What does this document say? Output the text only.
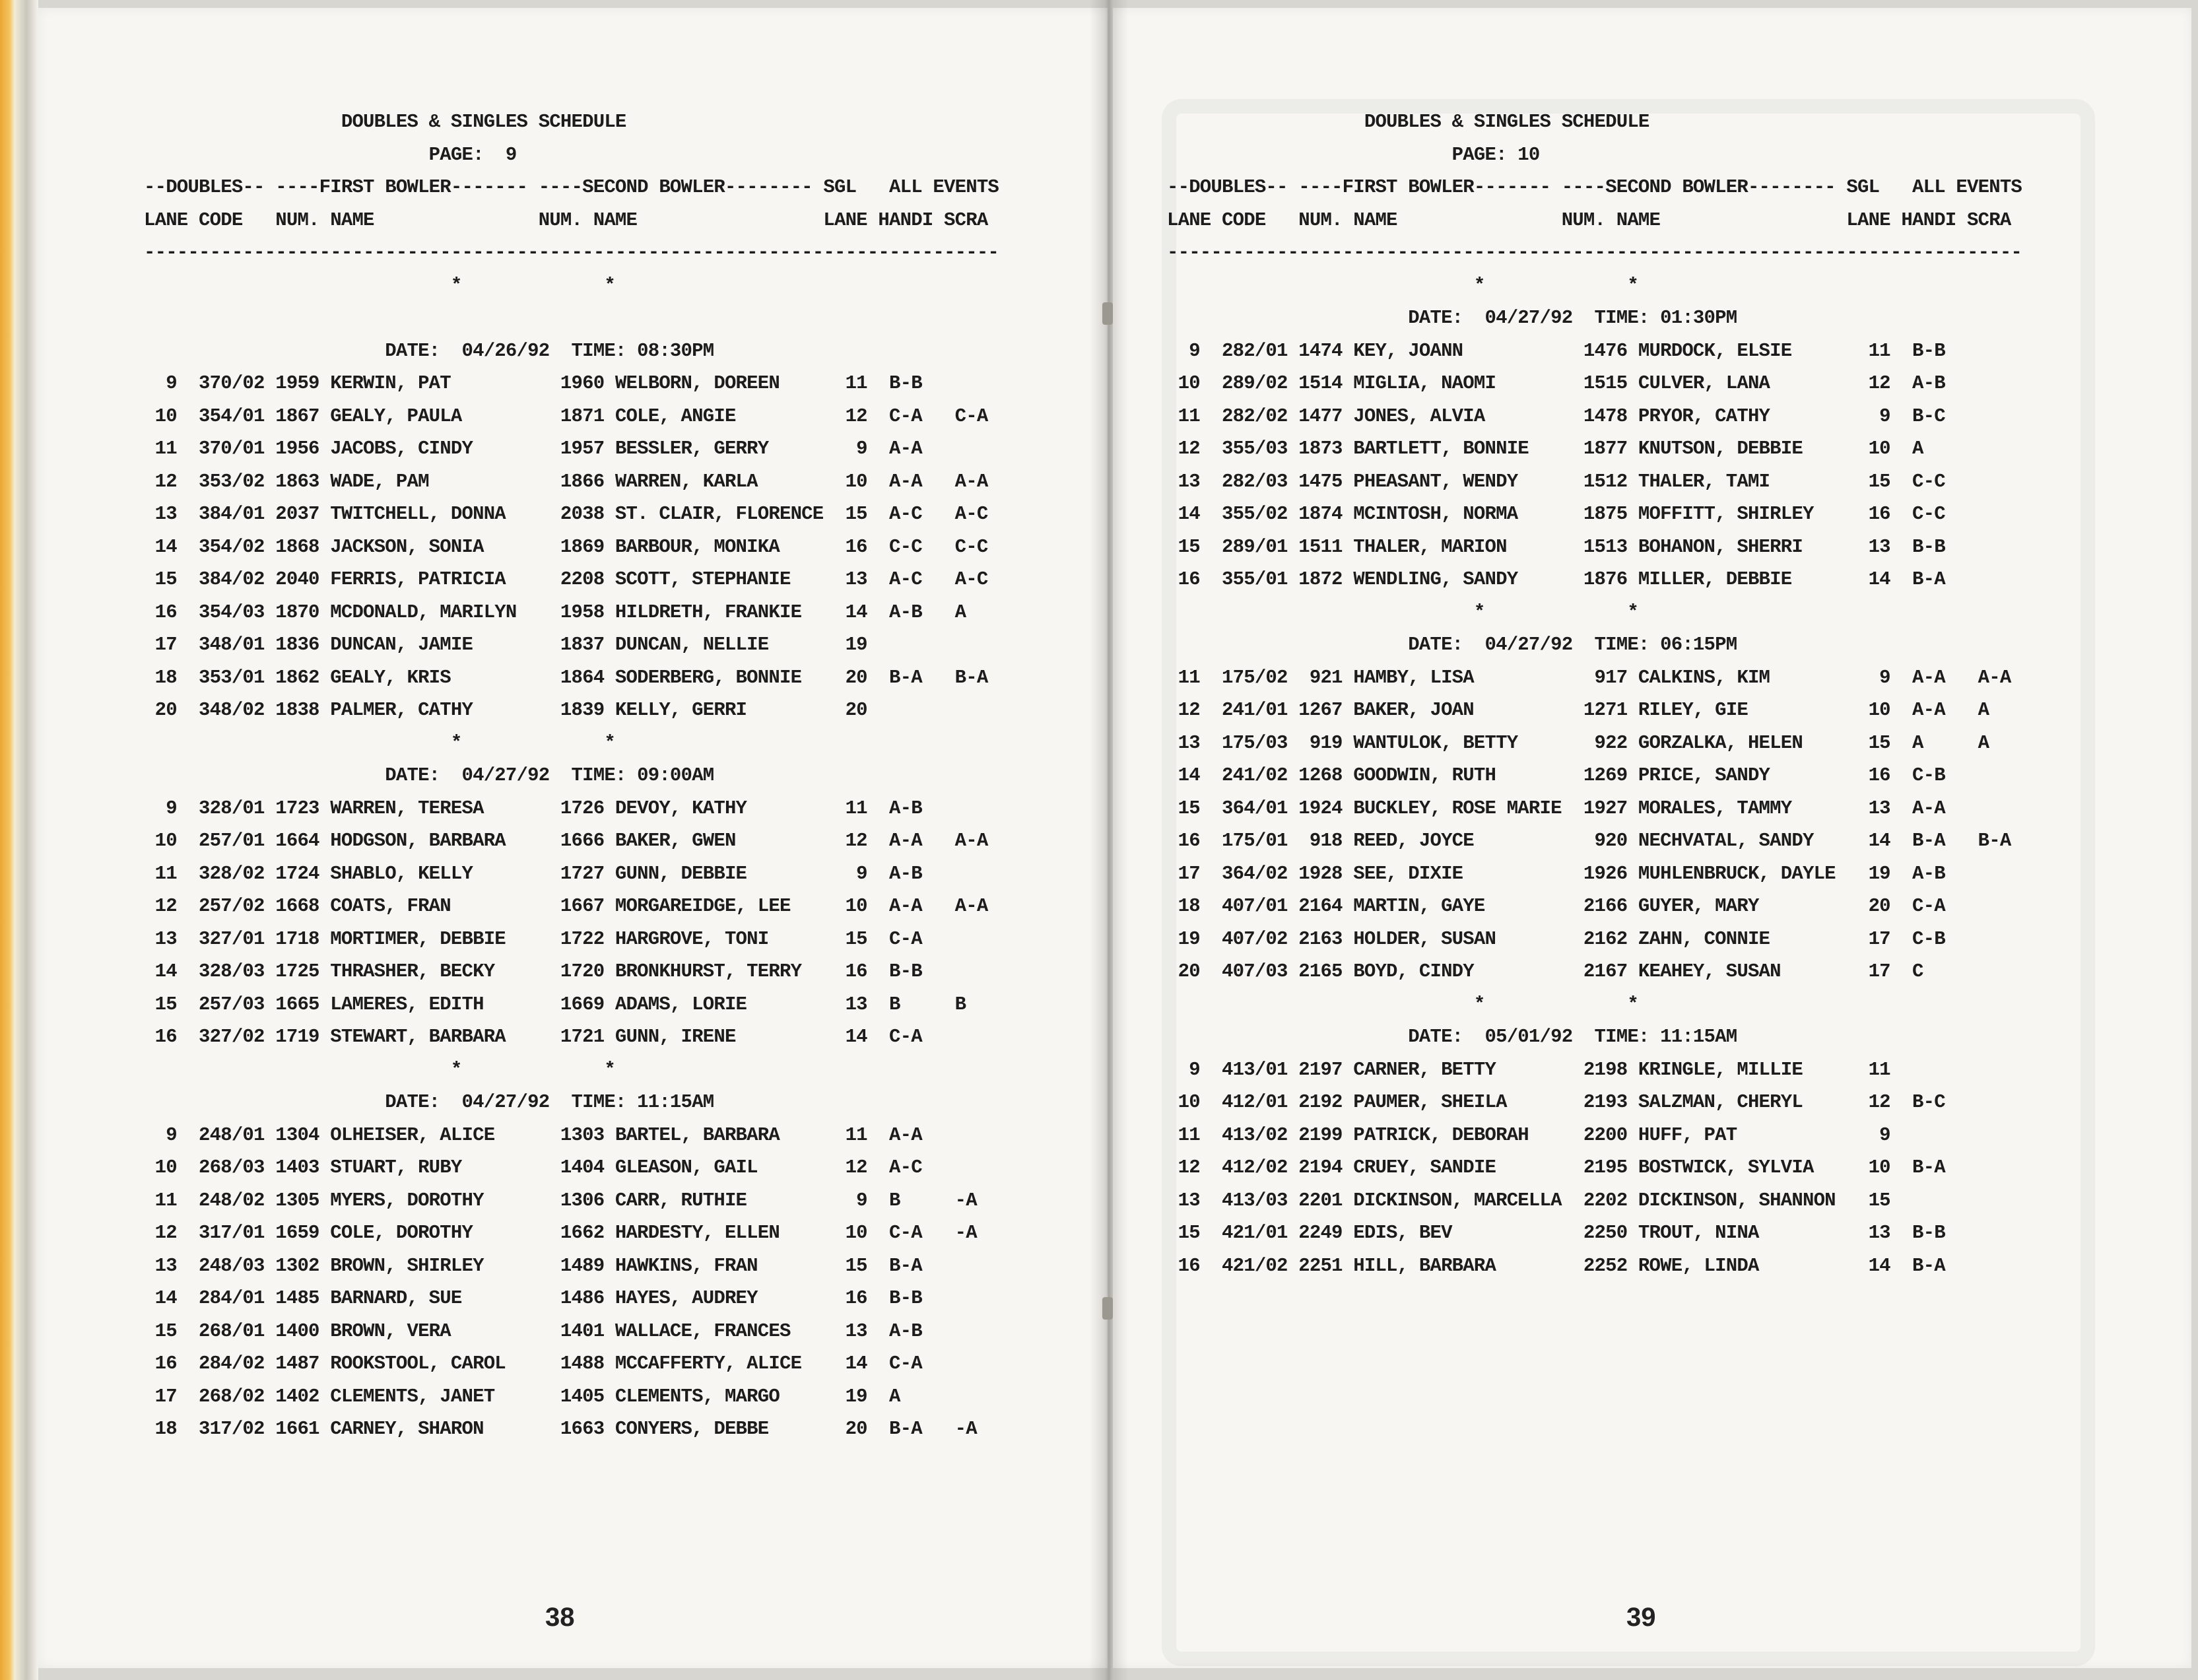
DOUBLES & SINGLES SCHEDULE
PAGE:  9
--DOUBLES-- ----FIRST BOWLER------- ----SECOND BOWLER-------- SGL   ALL EVENTS
LANE CODE   NUM. NAME               NUM. NAME                 LANE HANDI SCRA
------------------------------------------------------------------------------
*             *

DATE:  04/26/92  TIME: 08:30PM
9  370/02 1959 KERWIN, PAT          1960 WELBORN, DOREEN      11  B-B
10  354/01 1867 GEALY, PAULA         1871 COLE, ANGIE          12  C-A   C-A
11  370/01 1956 JACOBS, CINDY        1957 BESSLER, GERRY        9  A-A
12  353/02 1863 WADE, PAM            1866 WARREN, KARLA        10  A-A   A-A
13  384/01 2037 TWITCHELL, DONNA     2038 ST. CLAIR, FLORENCE  15  A-C   A-C
14  354/02 1868 JACKSON, SONIA       1869 BARBOUR, MONIKA      16  C-C   C-C
15  384/02 2040 FERRIS, PATRICIA     2208 SCOTT, STEPHANIE     13  A-C   A-C
16  354/03 1870 MCDONALD, MARILYN    1958 HILDRETH, FRANKIE    14  A-B   A
17  348/01 1836 DUNCAN, JAMIE        1837 DUNCAN, NELLIE       19
18  353/01 1862 GEALY, KRIS          1864 SODERBERG, BONNIE    20  B-A   B-A
20  348/02 1838 PALMER, CATHY        1839 KELLY, GERRI         20
*             *
DATE:  04/27/92  TIME: 09:00AM
9  328/01 1723 WARREN, TERESA       1726 DEVOY, KATHY         11  A-B
10  257/01 1664 HODGSON, BARBARA     1666 BAKER, GWEN          12  A-A   A-A
11  328/02 1724 SHABLO, KELLY        1727 GUNN, DEBBIE          9  A-B
12  257/02 1668 COATS, FRAN          1667 MORGAREIDGE, LEE     10  A-A   A-A
13  327/01 1718 MORTIMER, DEBBIE     1722 HARGROVE, TONI       15  C-A
14  328/03 1725 THRASHER, BECKY      1720 BRONKHURST, TERRY    16  B-B
15  257/03 1665 LAMERES, EDITH       1669 ADAMS, LORIE         13  B     B
16  327/02 1719 STEWART, BARBARA     1721 GUNN, IRENE          14  C-A
*             *
DATE:  04/27/92  TIME: 11:15AM
9  248/01 1304 OLHEISER, ALICE      1303 BARTEL, BARBARA      11  A-A
10  268/03 1403 STUART, RUBY         1404 GLEASON, GAIL        12  A-C
11  248/02 1305 MYERS, DOROTHY       1306 CARR, RUTHIE          9  B     -A
12  317/01 1659 COLE, DOROTHY        1662 HARDESTY, ELLEN      10  C-A   -A
13  248/03 1302 BROWN, SHIRLEY       1489 HAWKINS, FRAN        15  B-A
14  284/01 1485 BARNARD, SUE         1486 HAYES, AUDREY        16  B-B
15  268/01 1400 BROWN, VERA          1401 WALLACE, FRANCES     13  A-B
16  284/02 1487 ROOKSTOOL, CAROL     1488 MCCAFFERTY, ALICE    14  C-A
17  268/02 1402 CLEMENTS, JANET      1405 CLEMENTS, MARGO      19  A
18  317/02 1661 CARNEY, SHARON       1663 CONYERS, DEBBE       20  B-A   -A
DOUBLES & SINGLES SCHEDULE
PAGE: 10
--DOUBLES-- ----FIRST BOWLER------- ----SECOND BOWLER-------- SGL   ALL EVENTS
LANE CODE   NUM. NAME               NUM. NAME                 LANE HANDI SCRA
------------------------------------------------------------------------------
*             *
DATE:  04/27/92  TIME: 01:30PM
9  282/01 1474 KEY, JOANN           1476 MURDOCK, ELSIE       11  B-B
10  289/02 1514 MIGLIA, NAOMI        1515 CULVER, LANA         12  A-B
11  282/02 1477 JONES, ALVIA         1478 PRYOR, CATHY          9  B-C
12  355/03 1873 BARTLETT, BONNIE     1877 KNUTSON, DEBBIE      10  A
13  282/03 1475 PHEASANT, WENDY      1512 THALER, TAMI         15  C-C
14  355/02 1874 MCINTOSH, NORMA      1875 MOFFITT, SHIRLEY     16  C-C
15  289/01 1511 THALER, MARION       1513 BOHANON, SHERRI      13  B-B
16  355/01 1872 WENDLING, SANDY      1876 MILLER, DEBBIE       14  B-A
*             *
DATE:  04/27/92  TIME: 06:15PM
11  175/02  921 HAMBY, LISA           917 CALKINS, KIM          9  A-A   A-A
12  241/01 1267 BAKER, JOAN          1271 RILEY, GIE           10  A-A   A
13  175/03  919 WANTULOK, BETTY       922 GORZALKA, HELEN      15  A     A
14  241/02 1268 GOODWIN, RUTH        1269 PRICE, SANDY         16  C-B
15  364/01 1924 BUCKLEY, ROSE MARIE  1927 MORALES, TAMMY       13  A-A
16  175/01  918 REED, JOYCE           920 NECHVATAL, SANDY     14  B-A   B-A
17  364/02 1928 SEE, DIXIE           1926 MUHLENBRUCK, DAYLE   19  A-B
18  407/01 2164 MARTIN, GAYE         2166 GUYER, MARY          20  C-A
19  407/02 2163 HOLDER, SUSAN        2162 ZAHN, CONNIE         17  C-B
20  407/03 2165 BOYD, CINDY          2167 KEAHEY, SUSAN        17  C
*             *
DATE:  05/01/92  TIME: 11:15AM
9  413/01 2197 CARNER, BETTY        2198 KRINGLE, MILLIE      11
10  412/01 2192 PAUMER, SHEILA       2193 SALZMAN, CHERYL      12  B-C
11  413/02 2199 PATRICK, DEBORAH     2200 HUFF, PAT             9
12  412/02 2194 CRUEY, SANDIE        2195 BOSTWICK, SYLVIA     10  B-A
13  413/03 2201 DICKINSON, MARCELLA  2202 DICKINSON, SHANNON   15
15  421/01 2249 EDIS, BEV            2250 TROUT, NINA          13  B-B
16  421/02 2251 HILL, BARBARA        2252 ROWE, LINDA          14  B-A
38	39
